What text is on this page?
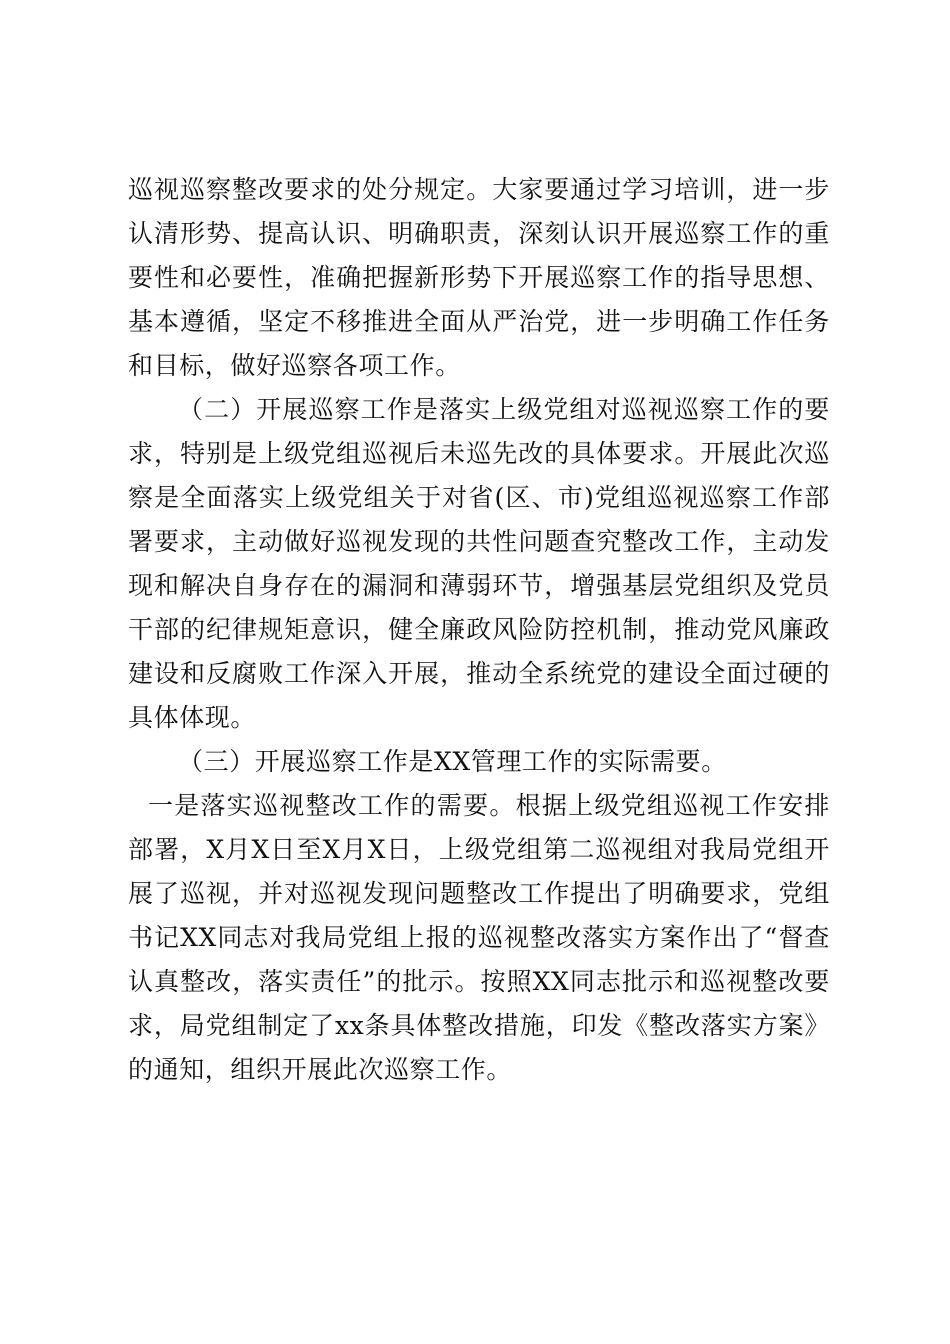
巡视巡察整改要求的处分规定。大家要通过学习培训，进一步
认清形势、提高认识、明确职责，深刻认识开展巡察工作的重
要性和必要性，准确把握新形势下开展巡察工作的指导思想、
基本遵循，坚定不移推进全面从严治党，进一步明确工作任务
和目标，做好巡察各项工作。
（二）开展巡察工作是落实上级党组对巡视巡察工作的要
求，特别是上级党组巡视后未巡先改的具体要求。开展此次巡
察是全面落实上级党组关于对省(区、市)党组巡视巡察工作部
署要求，主动做好巡视发现的共性问题查究整改工作，主动发
现和解决自身存在的漏洞和薄弱环节，增强基层党组织及党员
干部的纪律规矩意识，健全廉政风险防控机制，推动党风廉政
建设和反腐败工作深入开展，推动全系统党的建设全面过硬的
具体体现。
（三）开展巡察工作是XX管理工作的实际需要。
一是落实巡视整改工作的需要。根据上级党组巡视工作安排
部署，X月X日至X月X日，上级党组第二巡视组对我局党组开
展了巡视，并对巡视发现问题整改工作提出了明确要求，党组
书记XX同志对我局党组上报的巡视整改落实方案作出了“督查
认真整改，落实责任”的批示。按照XX同志批示和巡视整改要
求，局党组制定了xx条具体整改措施，印发《整改落实方案》
的通知，组织开展此次巡察工作。
